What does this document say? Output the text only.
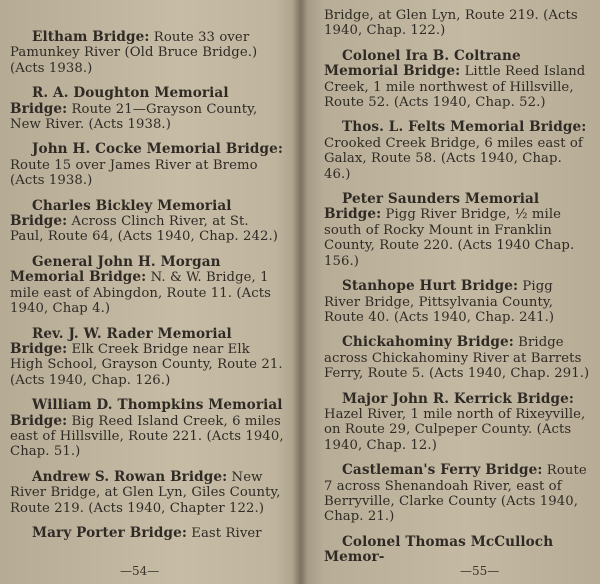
Eltham Bridge: Route 33 over Pamunkey River (Old Bruce Bridge.) (Acts 1938.)

R. A. Doughton Memorial Bridge: Route 21—Grayson County, New River. (Acts 1938.)

John H. Cocke Memorial Bridge: Route 15 over James River at Bremo (Acts 1938.)

Charles Bickley Memorial Bridge: Across Clinch River, at St. Paul, Route 64, (Acts 1940, Chap. 242.)

General John H. Morgan Memorial Bridge: N. & W. Bridge, 1 mile east of Abingdon, Route 11. (Acts 1940, Chap 4.)

Rev. J. W. Rader Memorial Bridge: Elk Creek Bridge near Elk High School, Grayson County, Route 21. (Acts 1940, Chap. 126.)

William D. Thompkins Memorial Bridge: Big Reed Island Creek, 6 miles east of Hillsville, Route 221. (Acts 1940, Chap. 51.)

Andrew S. Rowan Bridge: New River Bridge, at Glen Lyn, Giles County, Route 219. (Acts 1940, Chapter 122.)

Mary Porter Bridge: East River

—54—

Bridge, at Glen Lyn, Route 219. (Acts 1940, Chap. 122.)

Colonel Ira B. Coltrane Memorial Bridge: Little Reed Island Creek, 1 mile northwest of Hillsville, Route 52. (Acts 1940, Chap. 52.)

Thos. L. Felts Memorial Bridge: Crooked Creek Bridge, 6 miles east of Galax, Route 58. (Acts 1940, Chap. 46.)

Peter Saunders Memorial Bridge: Pigg River Bridge, ½ mile south of Rocky Mount in Franklin County, Route 220. (Acts 1940 Chap. 156.)

Stanhope Hurt Bridge: Pigg River Bridge, Pittsylvania County, Route 40. (Acts 1940, Chap. 241.)

Chickahominy Bridge: Bridge across Chickahominy River at Barrets Ferry, Route 5. (Acts 1940, Chap. 291.)

Major John R. Kerrick Bridge: Hazel River, 1 mile north of Rixeyville, on Route 29, Culpeper County. (Acts 1940, Chap. 12.)

Castleman's Ferry Bridge: Route 7 across Shenandoah River, east of Berryville, Clarke County (Acts 1940, Chap. 21.)

Colonel Thomas McCulloch Memor-

—55—
